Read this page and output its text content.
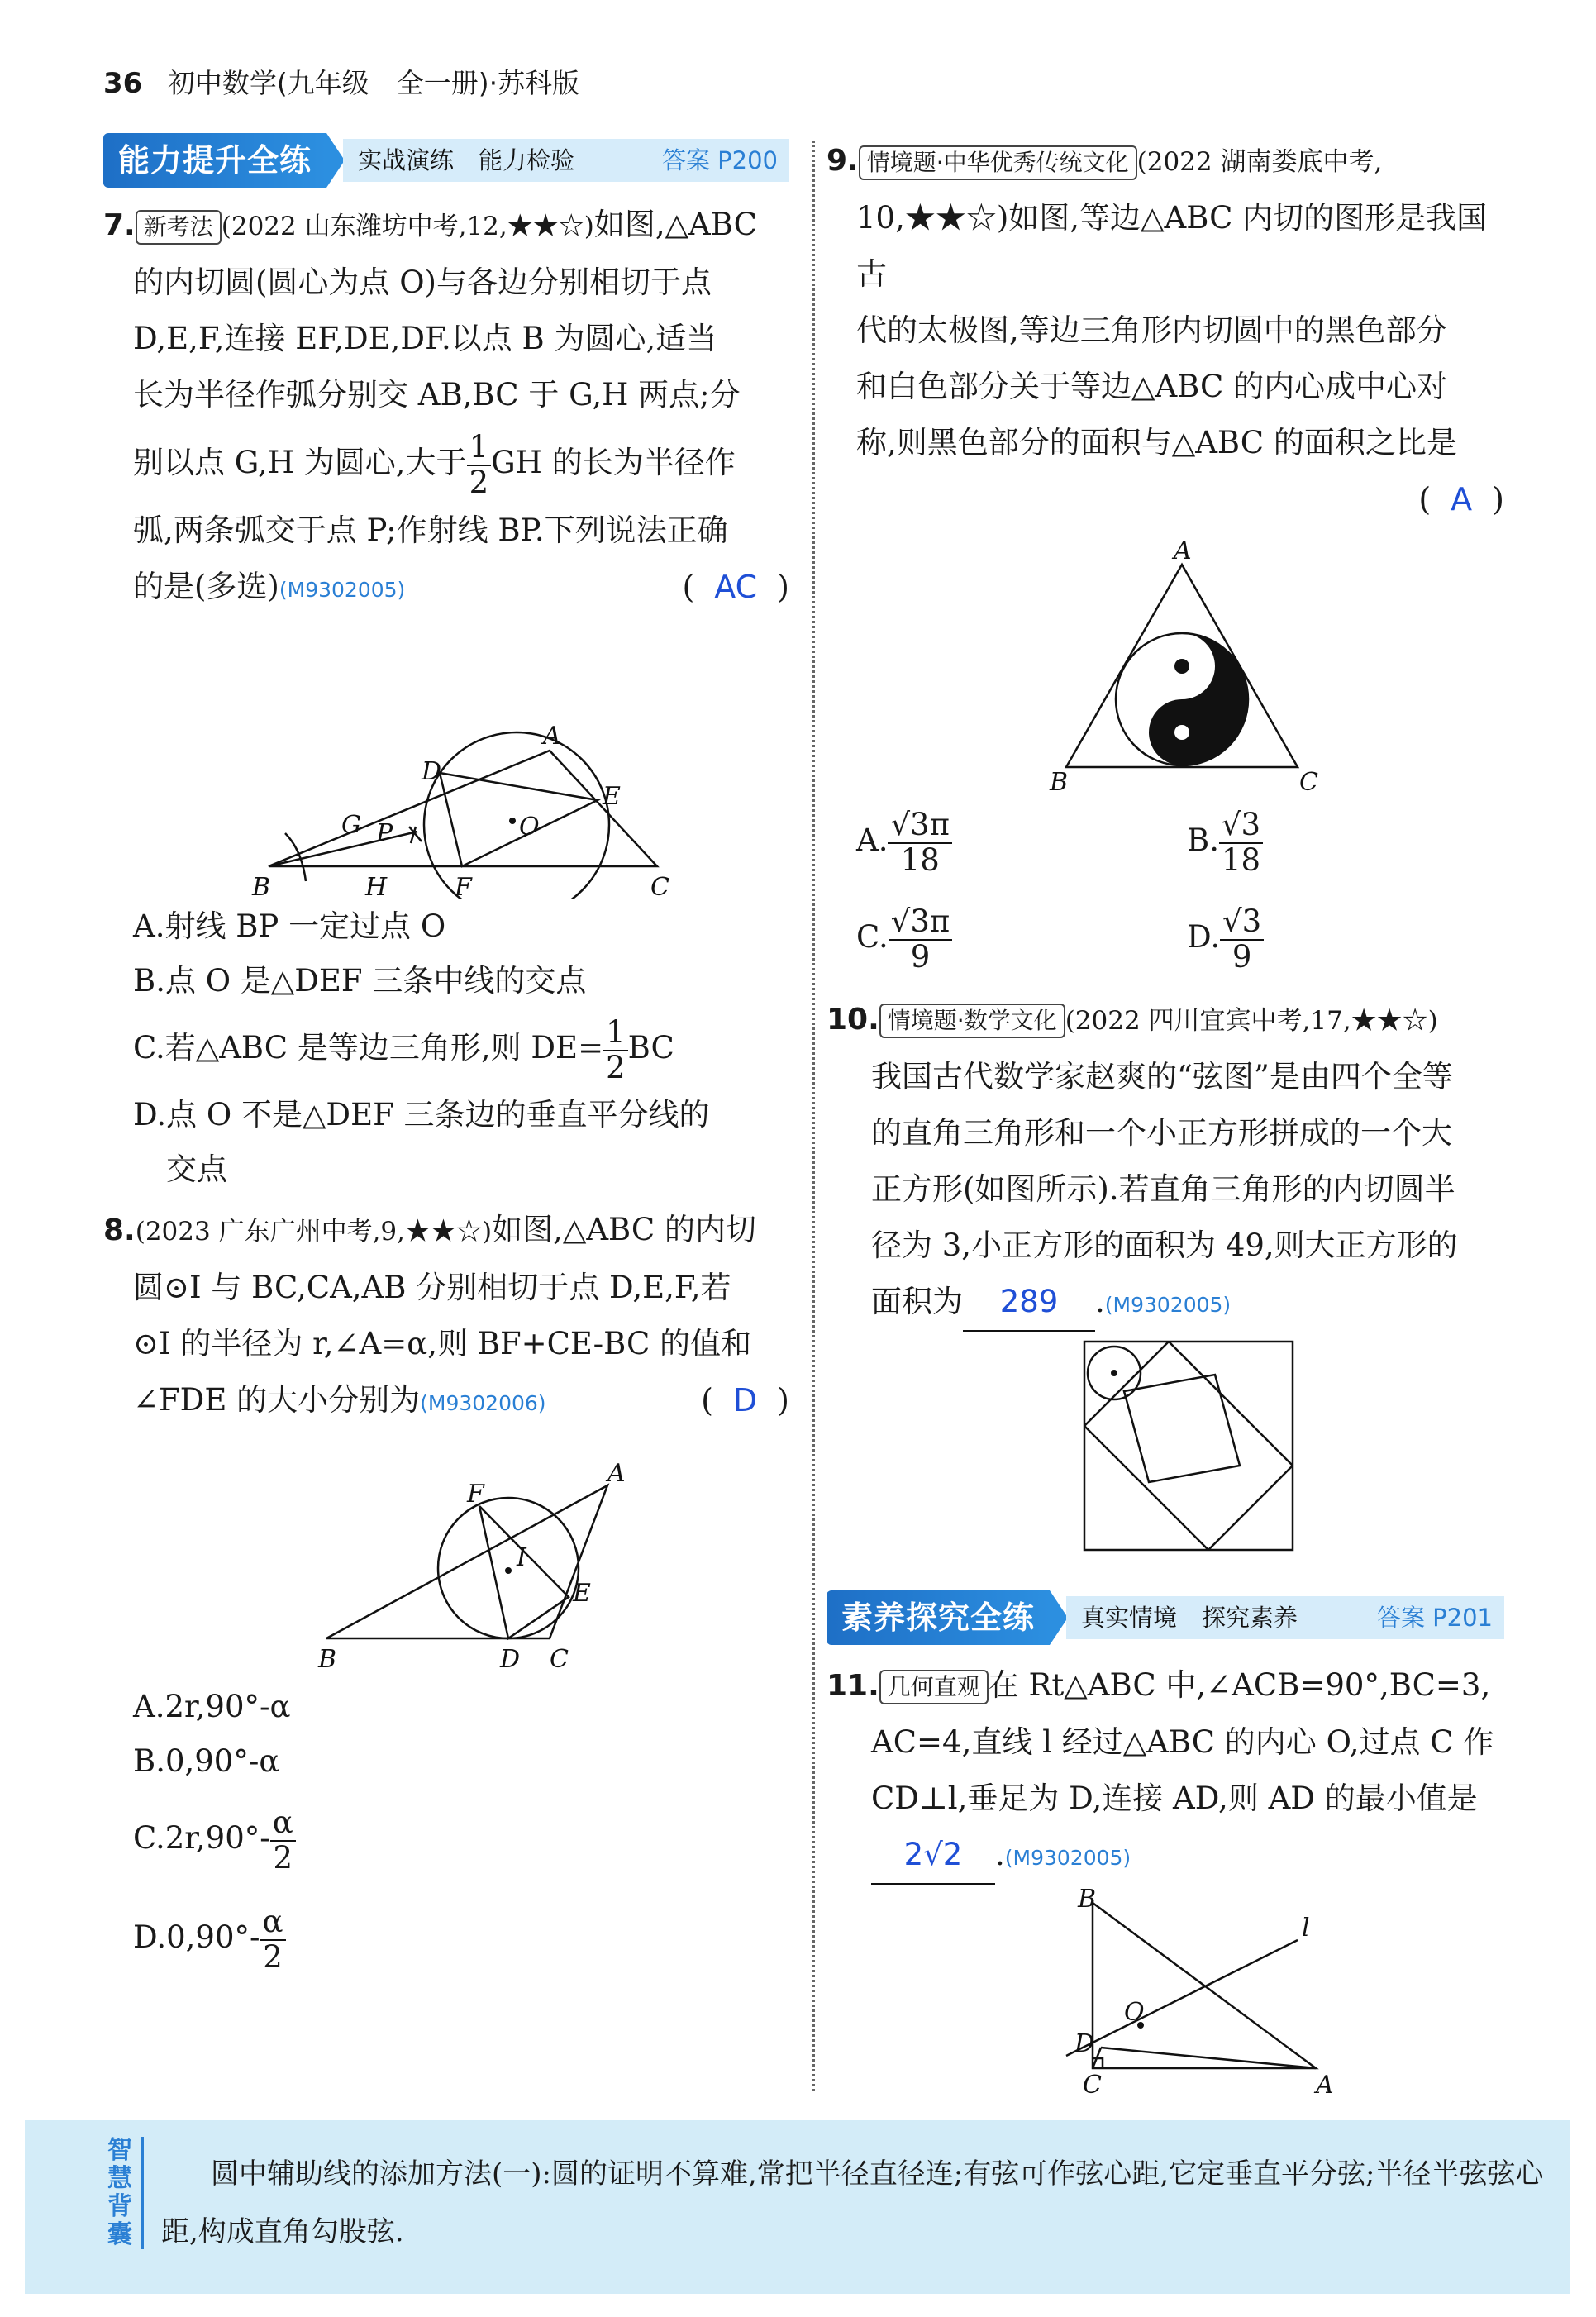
36 初中数学(九年级　全一册)·苏科版
能力提升全练	实战演练 能力检验	答案 P200
7. 新考法 (2022 山东潍坊中考,12,★★☆)如图,△ABC
的内切圆(圆心为点 O)与各边分别相切于点
D,E,F,连接 EF,DE,DF.以点 B 为圆心,适当
长为半径作弧分别交 AB,BC 于 G,H 两点;分
别以点 G,H 为圆心,大于 $\frac{1}{2}$ GH 的长为半径作
弧,两条弧交于点 P;作射线 BP.下列说法正确
的是(多选)(M9302005)	( AC )
A
B	C
D
E
F
G
H
O
P
A.射线 BP 一定过点 O
B.点 O 是△DEF 三条中线的交点
C.若△ABC 是等边三角形,则 $DE= \frac{1}{2}$ BC
D.点 O 不是△DEF 三条边的垂直平分线的
交点
8.(2023 广东广州中考,9,★★☆)如图,△ABC 的内切
圆⊙I 与 BC,CA,AB 分别相切于点 D,E,F,若
⊙I 的半径为 r,∠A=α,则 BF+CE-BC 的值和
∠FDE 的大小分别为(M9302006)	( D )
A
B	C
D
E
F
I
A.2r,90°-α
B.0,90°-α
$C.2r,90^\circ- \frac{\alpha}{2}$
$D.0,90^\circ- \frac{\alpha}{2}$
9. 情境题·中华优秀传统文化 (2022 湖南娄底中考,
10,★★☆)如图,等边△ABC 内切的图形是我国古
代的太极图,等边三角形内切圆中的黑色部分
和白色部分关于等边△ABC 的内心成中心对
称,则黑色部分的面积与△ABC 的面积之比是
( A )
A
B	C
A. $\frac{√3\pi}{18}$	B. $\frac{√3}{18}$
C. $\frac{√3\pi}{9}$	D. $\frac{√3}{9}$
10. 情境题·数学文化 (2022 四川宜宾中考,17,★★☆)
我国古代数学家赵爽的“弦图”是由四个全等
的直角三角形和一个小正方形拼成的一个大
正方形(如图所示).若直角三角形的内切圆半
径为 3,小正方形的面积为 49,则大正方形的
面积为 289 .(M9302005)
素养探究全练	真实情境 探究素养	答案 P201
11. 几何直观 在 Rt△ABC 中,∠ACB=90°,BC=3,
AC=4,直线 l 经过△ABC 的内心 O,过点 C 作
CD⊥l,垂足为 D,连接 AD,则 AD 的最小值是
2√2 .(M9302005)
B
C	A
D
O
l
智慧背囊
圆中辅助线的添加方法(一):圆的证明不算难,常把半径直径连;有弦可作弦心距,它定垂直平分弦;半径半弦弦心距,构成直角勾股弦.
